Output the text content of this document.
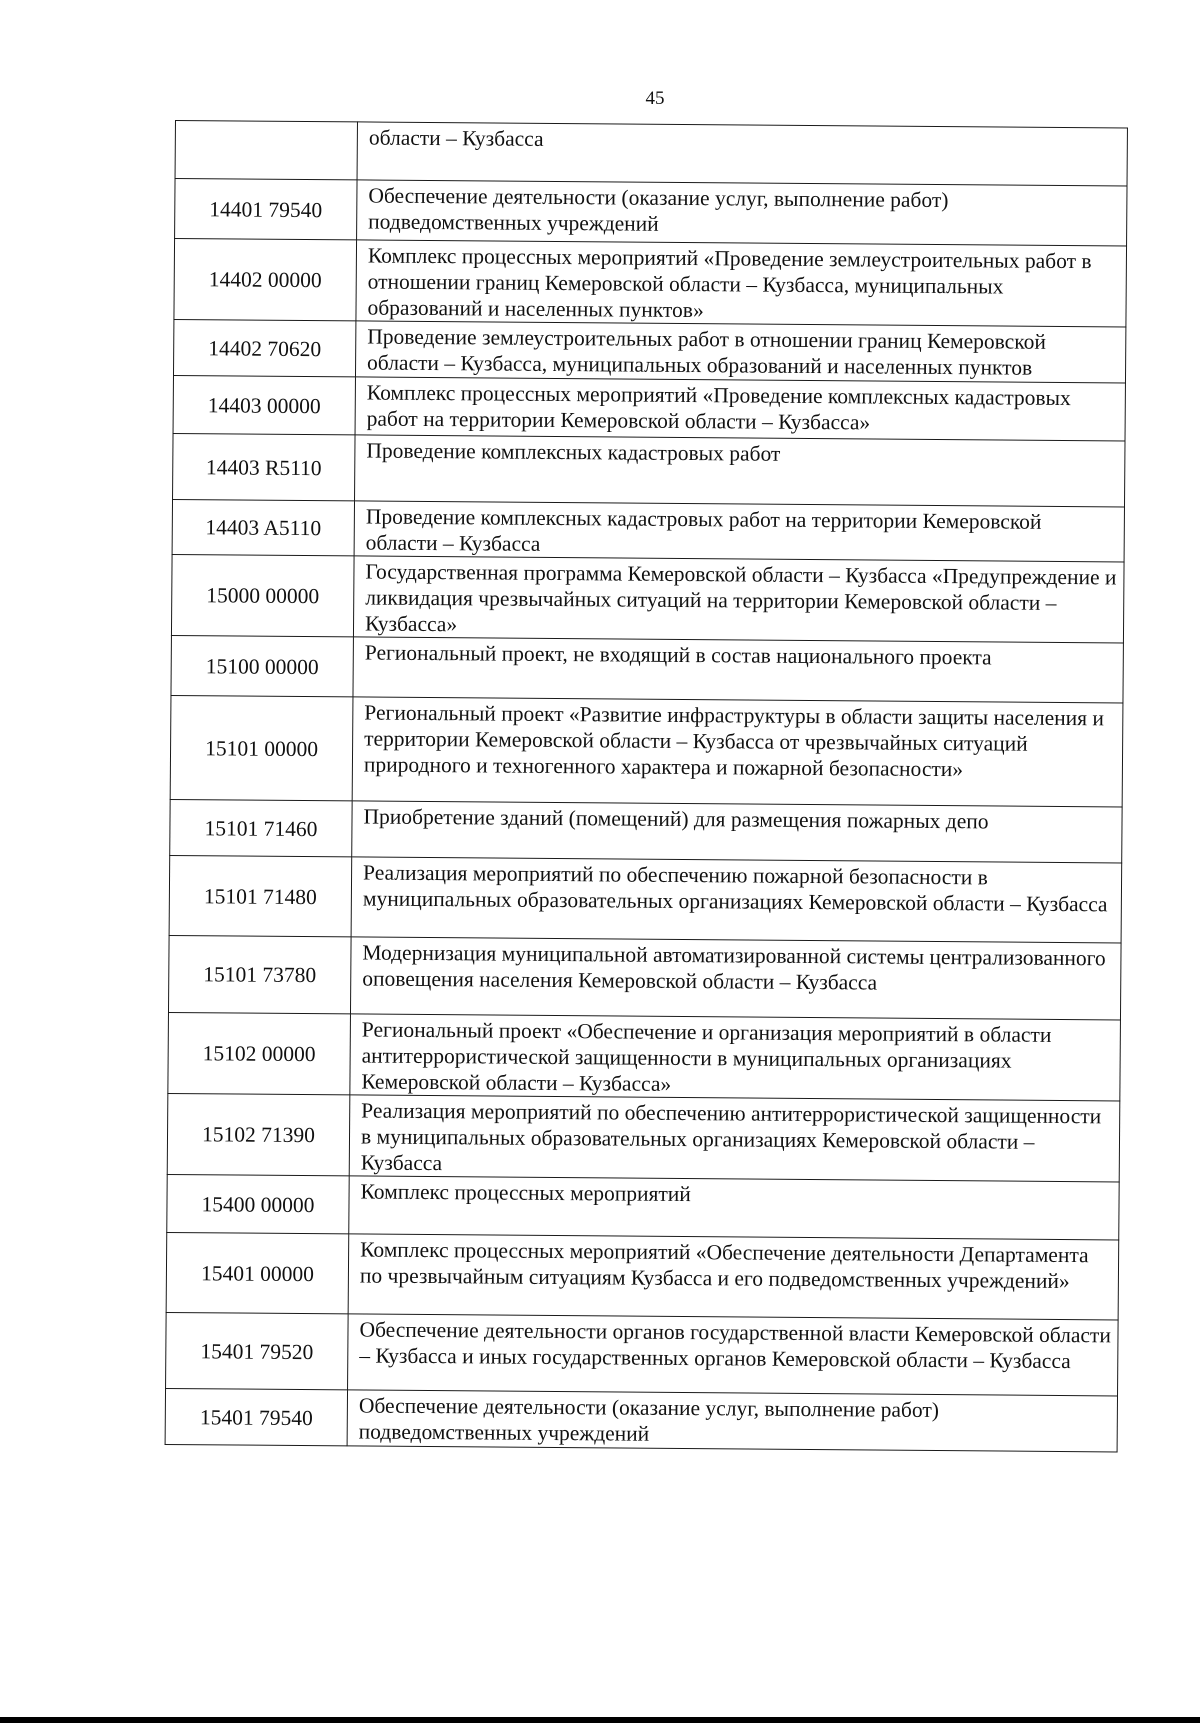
45
	области – Кузбасса
14401 79540	Обеспечение деятельности (оказание услуг, выполнение работ) подведомственных учреждений
14402 00000	Комплекс процессных мероприятий «Проведение землеустроительных работ в отношении границ Кемеровской области – Кузбасса, муниципальных образований и населенных пунктов»
14402 70620	Проведение землеустроительных работ в отношении границ Кемеровской области – Кузбасса, муниципальных образований и населенных пунктов
14403 00000	Комплекс процессных мероприятий «Проведение комплексных кадастровых работ на территории Кемеровской области – Кузбасса»
14403 R5110	Проведение комплексных кадастровых работ
14403 A5110	Проведение комплексных кадастровых работ на территории Кемеровской области – Кузбасса
15000 00000	Государственная программа Кемеровской области – Кузбасса «Предупреждение и ликвидация чрезвычайных ситуаций на территории Кемеровской области – Кузбасса»
15100 00000	Региональный проект, не входящий в состав национального проекта
15101 00000	Региональный проект «Развитие инфраструктуры в области защиты населения и территории Кемеровской области – Кузбасса от чрезвычайных ситуаций природного и техногенного характера и пожарной безопасности»
15101 71460	Приобретение зданий (помещений) для размещения пожарных депо
15101 71480	Реализация мероприятий по обеспечению пожарной безопасности в муниципальных образовательных организациях Кемеровской области – Кузбасса
15101 73780	Модернизация муниципальной автоматизированной системы централизованного оповещения населения Кемеровской области – Кузбасса
15102 00000	Региональный проект «Обеспечение и организация мероприятий в области антитеррористической защищенности в муниципальных организациях Кемеровской области – Кузбасса»
15102 71390	Реализация мероприятий по обеспечению антитеррористической защищенности в муниципальных образовательных организациях Кемеровской области – Кузбасса
15400 00000	Комплекс процессных мероприятий
15401 00000	Комплекс процессных мероприятий «Обеспечение деятельности Департамента по чрезвычайным ситуациям Кузбасса и его подведомственных учреждений»
15401 79520	Обеспечение деятельности органов государственной власти Кемеровской области – Кузбасса и иных государственных органов Кемеровской области – Кузбасса
15401 79540	Обеспечение деятельности (оказание услуг, выполнение работ) подведомственных учреждений
